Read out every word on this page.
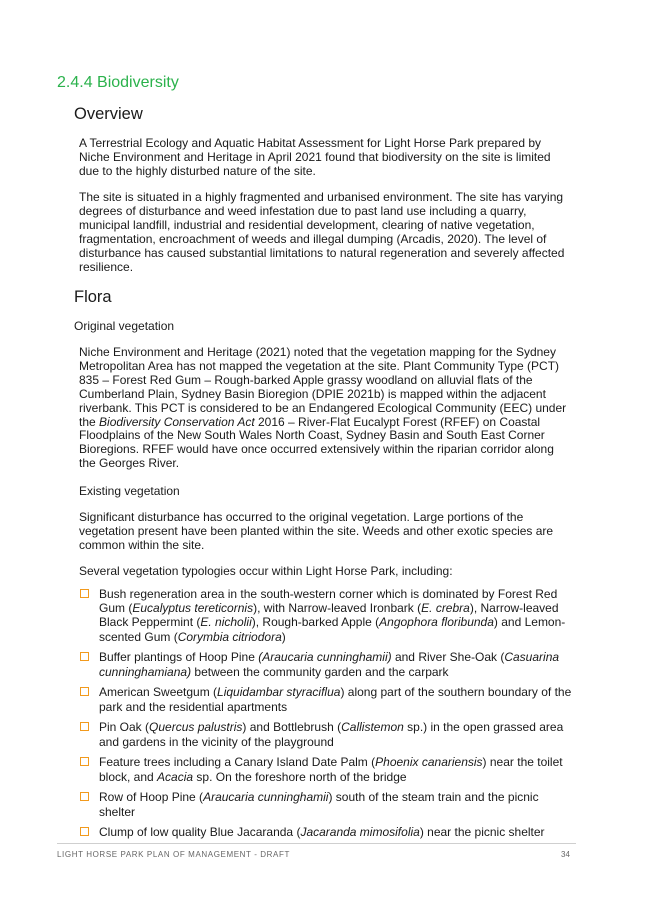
2.4.4 Biodiversity
Overview

A Terrestrial Ecology and Aquatic Habitat Assessment for Light Horse Park prepared by Niche Environment and Heritage in April 2021 found that biodiversity on the site is limited due to the highly disturbed nature of the site.

The site is situated in a highly fragmented and urbanised environment. The site has varying degrees of disturbance and weed infestation due to past land use including a quarry, municipal landfill, industrial and residential development, clearing of native vegetation, fragmentation, encroachment of weeds and illegal dumping (Arcadis, 2020). The level of disturbance has caused substantial limitations to natural regeneration and severely affected resilience.

Flora
Original vegetation

Niche Environment and Heritage (2021) noted that the vegetation mapping for the Sydney Metropolitan Area has not mapped the vegetation at the site. Plant Community Type (PCT) 835 – Forest Red Gum – Rough-barked Apple grassy woodland on alluvial flats of the Cumberland Plain, Sydney Basin Bioregion (DPIE 2021b) is mapped within the adjacent riverbank. This PCT is considered to be an Endangered Ecological Community (EEC) under the Biodiversity Conservation Act 2016 – River-Flat Eucalypt Forest (RFEF) on Coastal Floodplains of the New South Wales North Coast, Sydney Basin and South East Corner Bioregions. RFEF would have once occurred extensively within the riparian corridor along the Georges River.

Existing vegetation

Significant disturbance has occurred to the original vegetation. Large portions of the vegetation present have been planted within the site. Weeds and other exotic species are common within the site.

Several vegetation typologies occur within Light Horse Park, including:

Bush regeneration area in the south-western corner which is dominated by Forest Red Gum (Eucalyptus tereticornis), with Narrow-leaved Ironbark (E. crebra), Narrow-leaved Black Peppermint (E. nicholii), Rough-barked Apple (Angophora floribunda) and Lemon-scented Gum (Corymbia citriodora)
Buffer plantings of Hoop Pine (Araucaria cunninghamii) and River She-Oak (Casuarina cunninghamiana) between the community garden and the carpark
American Sweetgum (Liquidambar styraciflua) along part of the southern boundary of the park and the residential apartments
Pin Oak (Quercus palustris) and Bottlebrush (Callistemon sp.) in the open grassed area and gardens in the vicinity of the playground
Feature trees including a Canary Island Date Palm (Phoenix canariensis) near the toilet block, and Acacia sp. On the foreshore north of the bridge
Row of Hoop Pine (Araucaria cunninghamii) south of the steam train and the picnic shelter
Clump of low quality Blue Jacaranda (Jacaranda mimosifolia) near the picnic shelter
LIGHT HORSE PARK PLAN OF MANAGEMENT - DRAFT	34
